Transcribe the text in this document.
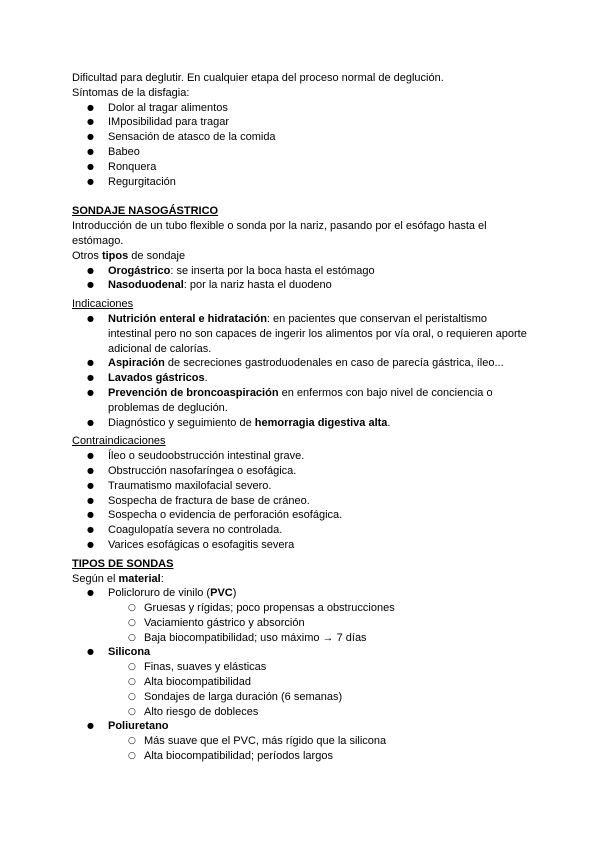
Dificultad para deglutir. En cualquier etapa del proceso normal de deglución.

Síntomas de la disfagia:

● Dolor al tragar alimentos
● IMposibilidad para tragar
● Sensación de atasco de la comida
● Babeo
● Ronquera
● Regurgitación

SONDAJE NASOGÁSTRICO

Introducción de un tubo flexible o sonda por la nariz, pasando por el esófago hasta el estómago.

Otros tipos de sondaje

● Orogástrico: se inserta por la boca hasta el estómago
● Nasoduodenal: por la nariz hasta el duodeno

Indicaciones

● Nutrición enteral e hidratación: en pacientes que conservan el peristaltismo intestinal pero no son capaces de ingerir los alimentos por vía oral, o requieren aporte adicional de calorías.
● Aspiración de secreciones gastroduodenales en caso de parecía gástrica, íleo...
● Lavados gástricos.
● Prevención de broncoaspiración en enfermos con bajo nivel de conciencia o problemas de deglución.
● Diagnóstico y seguimiento de hemorragia digestiva alta.

Contraindicaciones

● Íleo o seudoobstrucción intestinal grave.
● Obstrucción nasofaríngea o esofágica.
● Traumatismo maxilofacial severo.
● Sospecha de fractura de base de cráneo.
● Sospecha o evidencia de perforación esofágica.
● Coagulopatía severa no controlada.
● Varices esofágicas o esofagitis severa

TIPOS DE SONDAS

Según el material:

● Policloruro de vinilo (PVC)
○ Gruesas y rígidas; poco propensas a obstrucciones
○ Vaciamiento gástrico y absorción
○ Baja biocompatibilidad; uso máximo → 7 días
● Silicona
○ Finas, suaves y elásticas
○ Alta biocompatibilidad
○ Sondajes de larga duración (6 semanas)
○ Alto riesgo de dobleces
● Poliuretano
○ Más suave que el PVC, más rígido que la silicona
○ Alta biocompatibilidad; períodos largos
